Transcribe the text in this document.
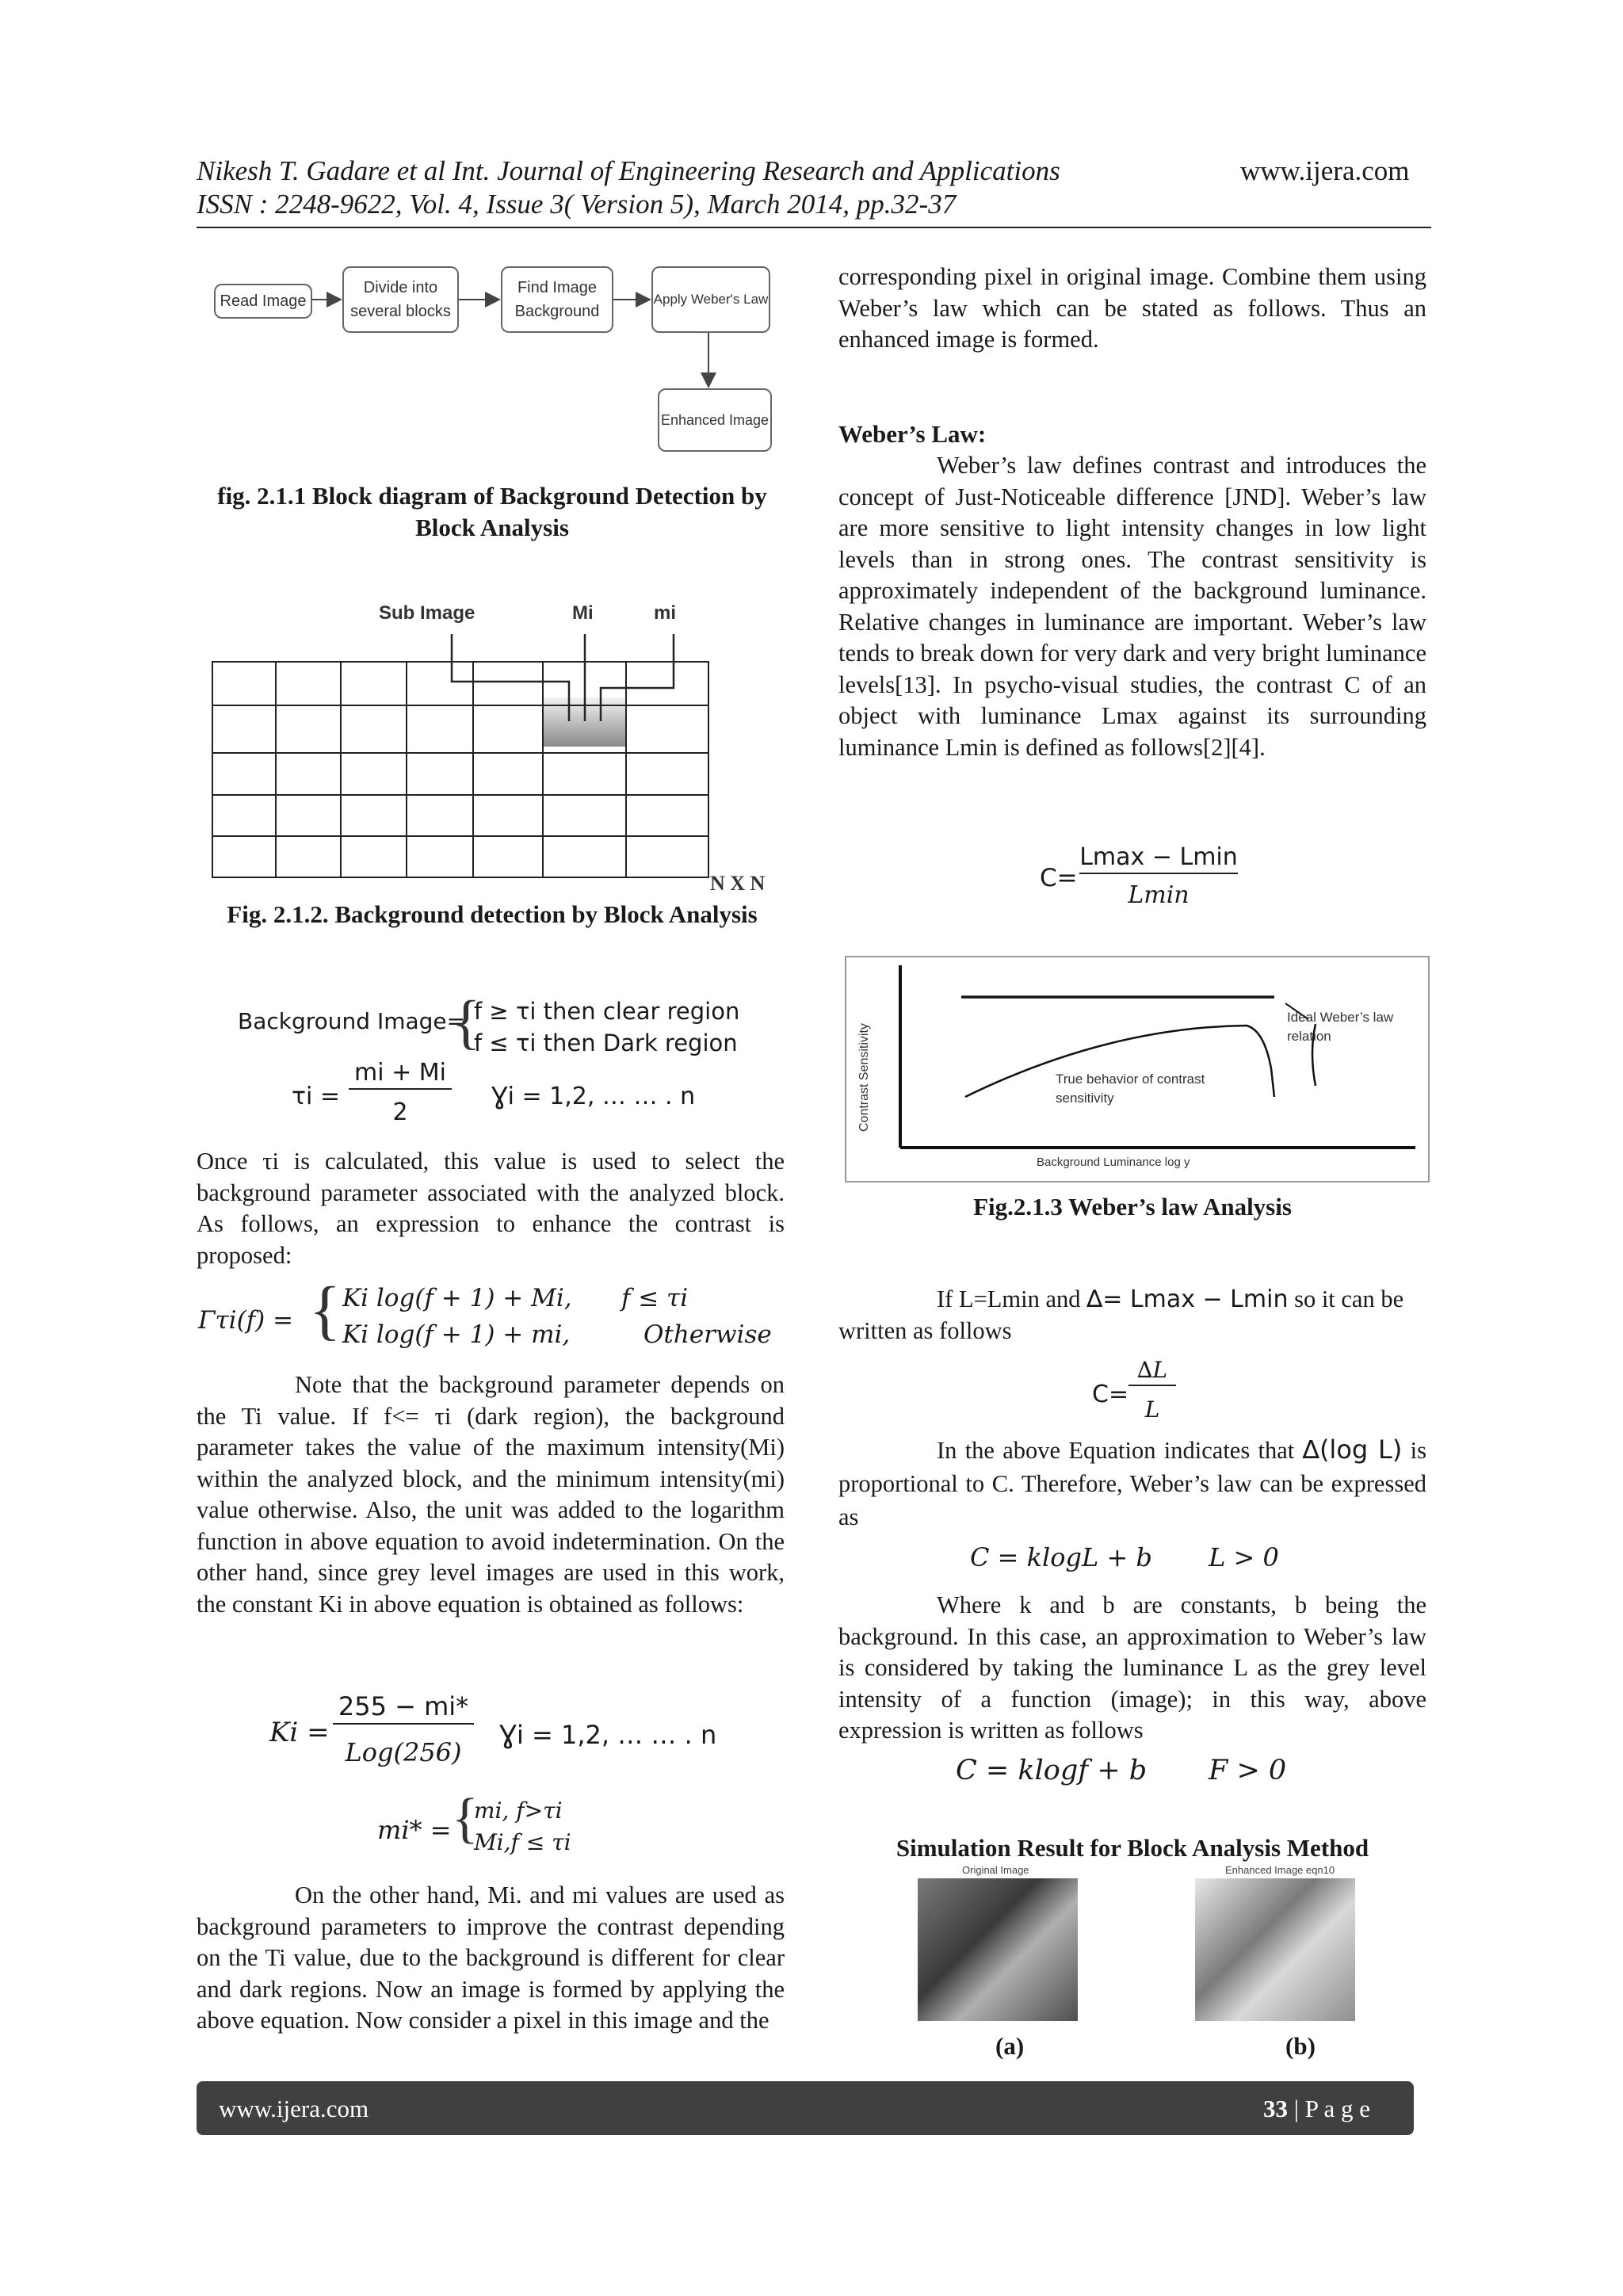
Nikesh T. Gadare et al Int. Journal of Engineering Research and Applications	www.ijera.com
ISSN : 2248-9622, Vol. 4, Issue 3( Version 5), March 2014, pp.32-37
Read Image
Divide into several blocks
Find Image Background
Apply Weber's Law
Enhanced Image
fig. 2.1.1 Block diagram of Background Detection by Block Analysis
Sub Image	Mi	mi
N X N
Fig. 2.1.2. Background detection by Block Analysis
Background Image=
{
f ≥ τi then clear region
f ≤ τi then Dark region
τi =
mi + Mi
2
Ɣi = 1,2, … … . n

Once τi is calculated, this value is used to select the background parameter associated with the analyzed block. As follows, an expression to enhance the contrast is proposed:

Γτi(f) = { Ki log(f + 1) + Mi, f ≤ τi
Ki log(f + 1) + mi,	Otherwise

Note that the background parameter depends on the Ti value. If f<= τi (dark region), the background parameter takes the value of the maximum intensity(Mi) within the analyzed block, and the minimum intensity(mi) value otherwise. Also, the unit was added to the logarithm function in above equation to avoid indetermination. On the other hand, since grey level images are used in this work, the constant Ki in above equation is obtained as follows:

Ki =
255 − mi*
Log(256)
Ɣi = 1,2, … … . n
mi* = {
mi, f>τi
Mi,f ≤ τi

On the other hand, Mi. and mi values are used as background parameters to improve the contrast depending on the Ti value, due to the background is different for clear and dark regions. Now an image is formed by applying the above equation. Now consider a pixel in this image and the

corresponding pixel in original image. Combine them using Weber’s law which can be stated as follows. Thus an enhanced image is formed.

Weber’s Law:

Weber’s law defines contrast and introduces the concept of Just-Noticeable difference [JND]. Weber’s law are more sensitive to light intensity changes in low light levels than in strong ones. The contrast sensitivity is approximately independent of the background luminance. Relative changes in luminance are important. Weber’s law tends to break down for very dark and very bright luminance levels[13]. In psycho-visual studies, the contrast C of an object with luminance Lmax against its surrounding luminance Lmin is defined as follows[2][4].

C=
Lmax − Lmin
Lmin
Contrast Sensitivity
Background Luminance log y
Ideal Weber’s law relation
True behavior of contrast sensitivity
Fig.2.1.3 Weber’s law Analysis

If L=Lmin and ∆= Lmax − Lmin so it can be written as follows

C=
∆L
L

In the above Equation indicates that ∆(log L) is proportional to C. Therefore, Weber’s law can be expressed as

C = klogL + b       L > 0

Where k and b are constants, b being the background. In this case, an approximation to Weber’s law is considered by taking the luminance L as the grey level intensity of a function (image); in this way, above expression is written as follows

C = klogf + b       F > 0
Simulation Result for Block Analysis Method
Original Image	Enhanced Image eqn10
(a)	(b)
www.ijera.com	33 | P a g e
